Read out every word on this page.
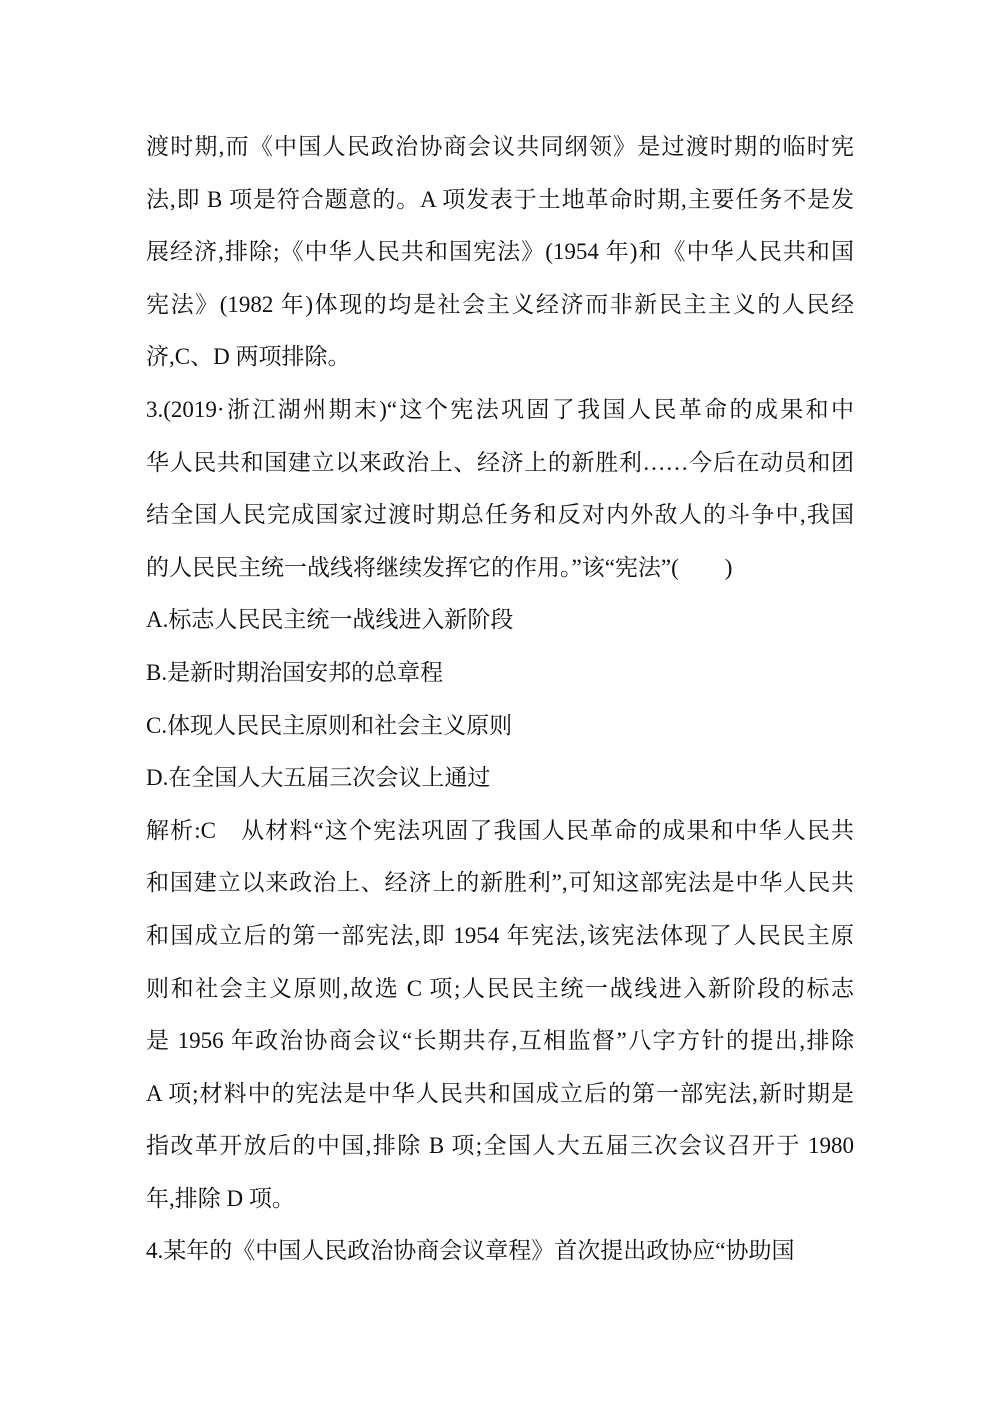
渡时期,而《中国人民政治协商会议共同纲领》是过渡时期的临时宪
法,即 B 项是符合题意的。A 项发表于土地革命时期,主要任务不是发
展经济,排除;《中华人民共和国宪法》(1954 年)和《中华人民共和国
宪法》(1982 年)体现的均是社会主义经济而非新民主主义的人民经
济,C、D 两项排除。
3.(2019·浙江湖州期末)“这个宪法巩固了我国人民革命的成果和中
华人民共和国建立以来政治上、经济上的新胜利……今后在动员和团
结全国人民完成国家过渡时期总任务和反对内外敌人的斗争中,我国
的人民民主统一战线将继续发挥它的作用。”该“宪法”(　　)
A.标志人民民主统一战线进入新阶段
B.是新时期治国安邦的总章程
C.体现人民民主原则和社会主义原则
D.在全国人大五届三次会议上通过
解析:C　从材料“这个宪法巩固了我国人民革命的成果和中华人民共
和国建立以来政治上、经济上的新胜利”,可知这部宪法是中华人民共
和国成立后的第一部宪法,即 1954 年宪法,该宪法体现了人民民主原
则和社会主义原则,故选 C 项;人民民主统一战线进入新阶段的标志
是 1956 年政治协商会议“长期共存,互相监督”八字方针的提出,排除
A 项;材料中的宪法是中华人民共和国成立后的第一部宪法,新时期是
指改革开放后的中国,排除 B 项;全国人大五届三次会议召开于 1980
年,排除 D 项。
4.某年的《中国人民政治协商会议章程》首次提出政协应“协助国
